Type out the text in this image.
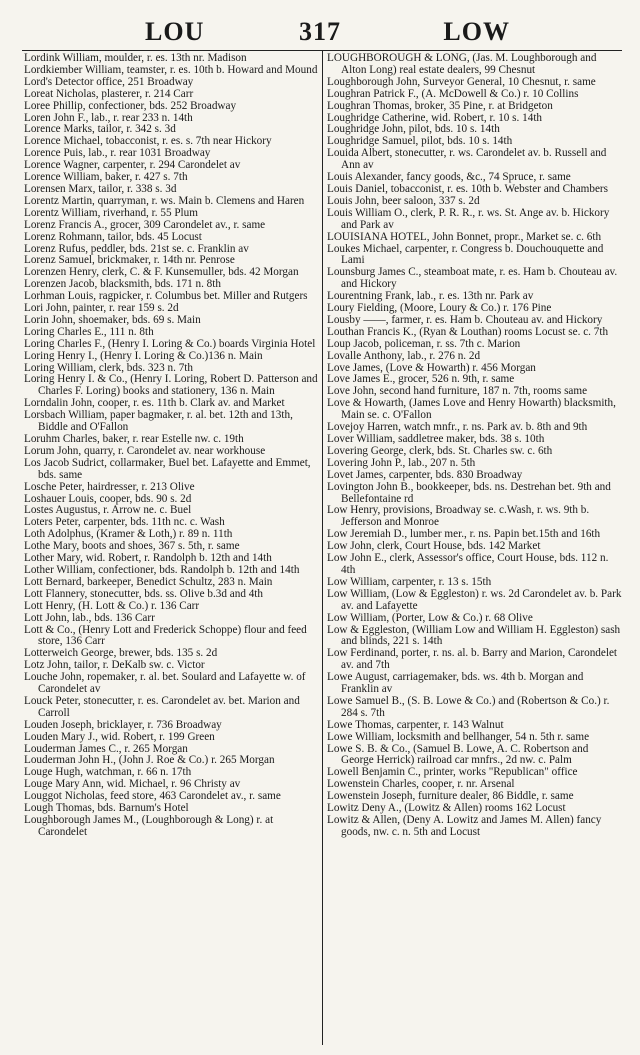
LOU	317	LOW

Lordink William, moulder, r. es. 13th nr. Madison

Lordkiember William, teamster, r. es. 10th b. Howard and Mound

Lord's Detector office, 251 Broadway

Loreat Nicholas, plasterer, r. 214 Carr

Loree Phillip, confectioner, bds. 252 Broadway

Loren John F., lab., r. rear 233 n. 14th

Lorence Marks, tailor, r. 342 s. 3d

Lorence Michael, tobacconist, r. es. s. 7th near Hickory

Lorence Puis, lab., r. rear 1031 Broadway

Lorence Wagner, carpenter, r. 294 Carondelet av

Lorence William, baker, r. 427 s. 7th

Lorensen Marx, tailor, r. 338 s. 3d

Lorentz Martin, quarryman, r. ws. Main b. Clemens and Haren

Lorentz William, riverhand, r. 55 Plum

Lorenz Francis A., grocer, 309 Carondelet av., r. same

Lorenz Rohmann, tailor, bds. 45 Locust

Lorenz Rufus, peddler, bds. 21st se. c. Franklin av

Lorenz Samuel, brickmaker, r. 14th nr. Penrose

Lorenzen Henry, clerk, C. & F. Kunsemuller, bds. 42 Morgan

Lorenzen Jacob, blacksmith, bds. 171 n. 8th

Lorhman Louis, ragpicker, r. Columbus bet. Miller and Rutgers

Lori John, painter, r. rear 159 s. 2d

Lorin John, shoemaker, bds. 69 s. Main

Loring Charles E., 111 n. 8th

Loring Charles F., (Henry I. Loring & Co.) boards Virginia Hotel

Loring Henry I., (Henry I. Loring & Co.)136 n. Main

Loring William, clerk, bds. 323 n. 7th

Loring Henry I. & Co., (Henry I. Loring, Robert D. Patterson and Charles F. Loring) books and stationery, 136 n. Main

Lorndalin John, cooper, r. es. 11th b. Clark av. and Market

Lorsbach William, paper bagmaker, r. al. bet. 12th and 13th, Biddle and O'Fallon

Loruhm Charles, baker, r. rear Estelle nw. c. 19th

Lorum John, quarry, r. Carondelet av. near workhouse

Los Jacob Sudrict, collarmaker, Buel bet. Lafayette and Emmet, bds. same

Losche Peter, hairdresser, r. 213 Olive

Loshauer Louis, cooper, bds. 90 s. 2d

Lostes Augustus, r. Arrow ne. c. Buel

Loters Peter, carpenter, bds. 11th nc. c. Wash

Loth Adolphus, (Kramer & Loth,) r. 89 n. 11th

Lothe Mary, boots and shoes, 367 s. 5th, r. same

Lother Mary, wid. Robert, r. Randolph b. 12th and 14th

Lother William, confectioner, bds. Randolph b. 12th and 14th

Lott Bernard, barkeeper, Benedict Schultz, 283 n. Main

Lott Flannery, stonecutter, bds. ss. Olive b.3d and 4th

Lott Henry, (H. Lott & Co.) r. 136 Carr

Lott John, lab., bds. 136 Carr

Lott & Co., (Henry Lott and Frederick Schoppe) flour and feed store, 136 Carr

Lotterweich George, brewer, bds. 135 s. 2d

Lotz John, tailor, r. DeKalb sw. c. Victor

Louche John, ropemaker, r. al. bet. Soulard and Lafayette w. of Carondelet av

Louck Peter, stonecutter, r. es. Carondelet av. bet. Marion and Carroll

Louden Joseph, bricklayer, r. 736 Broadway

Louden Mary J., wid. Robert, r. 199 Green

Louderman James C., r. 265 Morgan

Louderman John H., (John J. Roe & Co.) r. 265 Morgan

Louge Hugh, watchman, r. 66 n. 17th

Louge Mary Ann, wid. Michael, r. 96 Christy av

Louggot Nicholas, feed store, 463 Carondelet av., r. same

Lough Thomas, bds. Barnum's Hotel

Loughborough James M., (Loughborough & Long) r. at Carondelet

LOUGHBOROUGH & LONG, (Jas. M. Loughborough and Alton Long) real estate dealers, 99 Chesnut

Loughborough John, Surveyor General, 10 Chesnut, r. same

Loughran Patrick F., (A. McDowell & Co.) r. 10 Collins

Loughran Thomas, broker, 35 Pine, r. at Bridgeton

Loughridge Catherine, wid. Robert, r. 10 s. 14th

Loughridge John, pilot, bds. 10 s. 14th

Loughridge Samuel, pilot, bds. 10 s. 14th

Louida Albert, stonecutter, r. ws. Carondelet av. b. Russell and Ann av

Louis Alexander, fancy goods, &c., 74 Spruce, r. same

Louis Daniel, tobacconist, r. es. 10th b. Webster and Chambers

Louis John, beer saloon, 337 s. 2d

Louis William O., clerk, P. R. R., r. ws. St. Ange av. b. Hickory and Park av

LOUISIANA HOTEL, John Bonnet, propr., Market se. c. 6th

Loukes Michael, carpenter, r. Congress b. Douchouquette and Lami

Lounsburg James C., steamboat mate, r. es. Ham b. Chouteau av. and Hickory

Lourentning Frank, lab., r. es. 13th nr. Park av

Loury Fielding, (Moore, Loury & Co.) r. 176 Pine

Lousby ——, farmer, r. es. Ham b. Chouteau av. and Hickory

Louthan Francis K., (Ryan & Louthan) rooms Locust se. c. 7th

Loup Jacob, policeman, r. ss. 7th c. Marion

Lovalle Anthony, lab., r. 276 n. 2d

Love James, (Love & Howarth) r. 456 Morgan

Love James E., grocer, 526 n. 9th, r. same

Love John, second hand furniture, 187 n. 7th, rooms same

Love & Howarth, (James Love and Henry Howarth) blacksmith, Main se. c. O'Fallon

Lovejoy Harren, watch mnfr., r. ns. Park av. b. 8th and 9th

Lover William, saddletree maker, bds. 38 s. 10th

Lovering George, clerk, bds. St. Charles sw. c. 6th

Lovering John P., lab., 207 n. 5th

Lovet James, carpenter, bds. 830 Broadway

Lovington John B., bookkeeper, bds. ns. Destrehan bet. 9th and Bellefontaine rd

Low Henry, provisions, Broadway se. c.Wash, r. ws. 9th b. Jefferson and Monroe

Low Jeremiah D., lumber mer., r. ns. Papin bet.15th and 16th

Low John, clerk, Court House, bds. 142 Market

Low John E., clerk, Assessor's office, Court House, bds. 112 n. 4th

Low William, carpenter, r. 13 s. 15th

Low William, (Low & Eggleston) r. ws. 2d Carondelet av. b. Park av. and Lafayette

Low William, (Porter, Low & Co.) r. 68 Olive

Low & Eggleston, (William Low and William H. Eggleston) sash and blinds, 221 s. 14th

Low Ferdinand, porter, r. ns. al. b. Barry and Marion, Carondelet av. and 7th

Lowe August, carriagemaker, bds. ws. 4th b. Morgan and Franklin av

Lowe Samuel B., (S. B. Lowe & Co.) and (Robertson & Co.) r. 284 s. 7th

Lowe Thomas, carpenter, r. 143 Walnut

Lowe William, locksmith and bellhanger, 54 n. 5th r. same

Lowe S. B. & Co., (Samuel B. Lowe, A. C. Robertson and George Herrick) railroad car mnfrs., 2d nw. c. Palm

Lowell Benjamin C., printer, works "Republican" office

Lowenstein Charles, cooper, r. nr. Arsenal

Lowenstein Joseph, furniture dealer, 86 Biddle, r. same

Lowitz Deny A., (Lowitz & Allen) rooms 162 Locust

Lowitz & Allen, (Deny A. Lowitz and James M. Allen) fancy goods, nw. c. n. 5th and Locust
